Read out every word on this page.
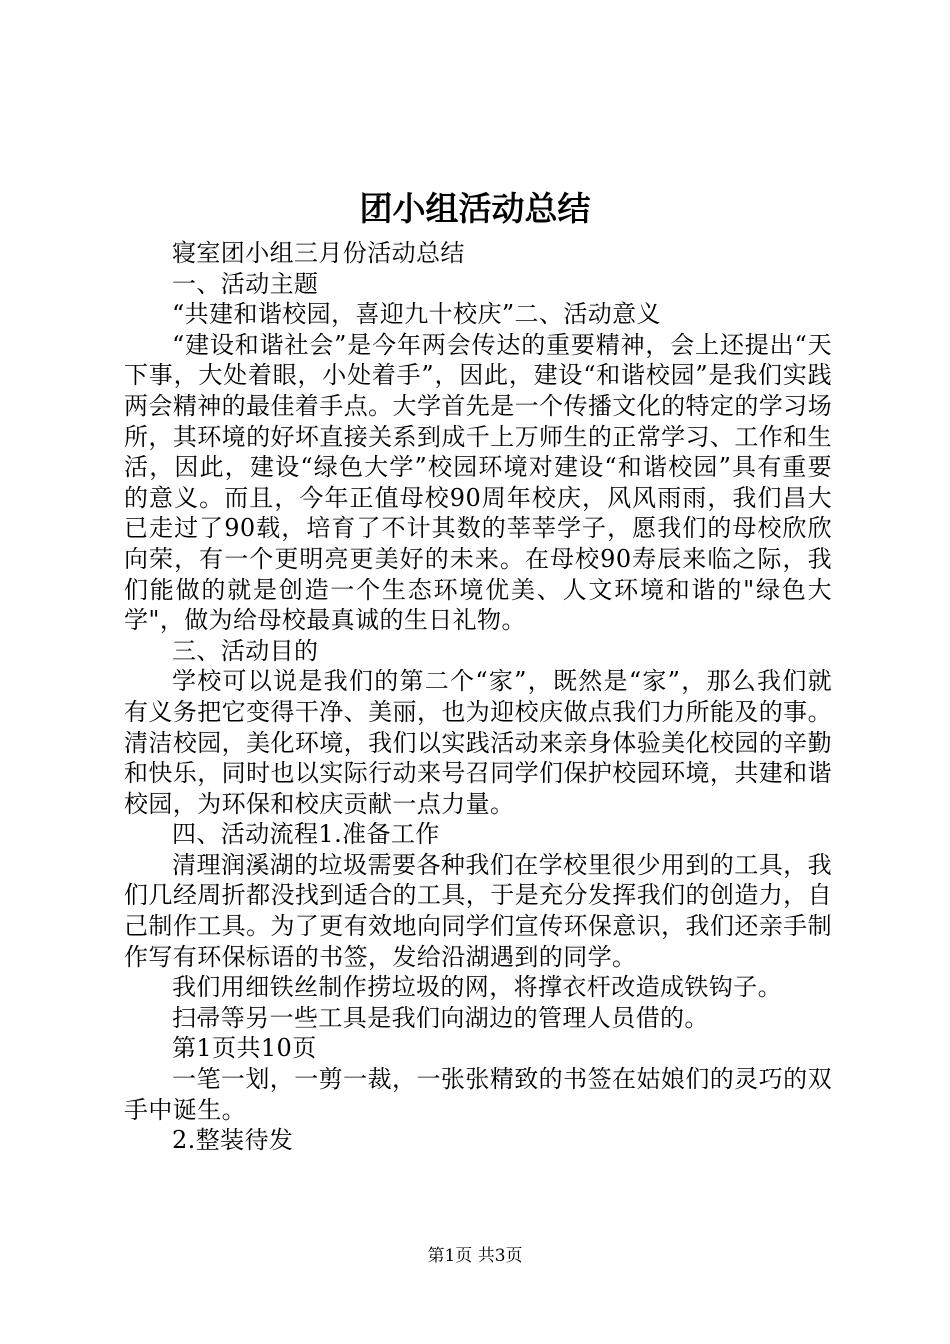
团小组活动总结

寝室团小组三月份活动总结

一、活动主题

“共建和谐校园，喜迎九十校庆”二、活动意义

“建设和谐社会”是今年两会传达的重要精神，会上还提出“天下事，大处着眼，小处着手”，因此，建设“和谐校园”是我们实践两会精神的最佳着手点。大学首先是一个传播文化的特定的学习场所，其环境的好坏直接关系到成千上万师生的正常学习、工作和生活，因此，建设“绿色大学”校园环境对建设“和谐校园”具有重要的意义。而且，今年正值母校90周年校庆，风风雨雨，我们昌大已走过了90载，培育了不计其数的莘莘学子，愿我们的母校欣欣向荣，有一个更明亮更美好的未来。在母校90寿辰来临之际，我们能做的就是创造一个生态环境优美、人文环境和谐的"绿色大学"，做为给母校最真诚的生日礼物。

三、活动目的

学校可以说是我们的第二个“家”，既然是“家”，那么我们就有义务把它变得干净、美丽，也为迎校庆做点我们力所能及的事。清洁校园，美化环境，我们以实践活动来亲身体验美化校园的辛勤和快乐，同时也以实际行动来号召同学们保护校园环境，共建和谐校园，为环保和校庆贡献一点力量。

四、活动流程1.准备工作

清理润溪湖的垃圾需要各种我们在学校里很少用到的工具，我们几经周折都没找到适合的工具，于是充分发挥我们的创造力，自己制作工具。为了更有效地向同学们宣传环保意识，我们还亲手制作写有环保标语的书签，发给沿湖遇到的同学。

我们用细铁丝制作捞垃圾的网，将撑衣杆改造成铁钩子。

扫帚等另一些工具是我们向湖边的管理人员借的。

第1页共10页

一笔一划，一剪一裁，一张张精致的书签在姑娘们的灵巧的双手中诞生。

2.整装待发

第1页 共3页
